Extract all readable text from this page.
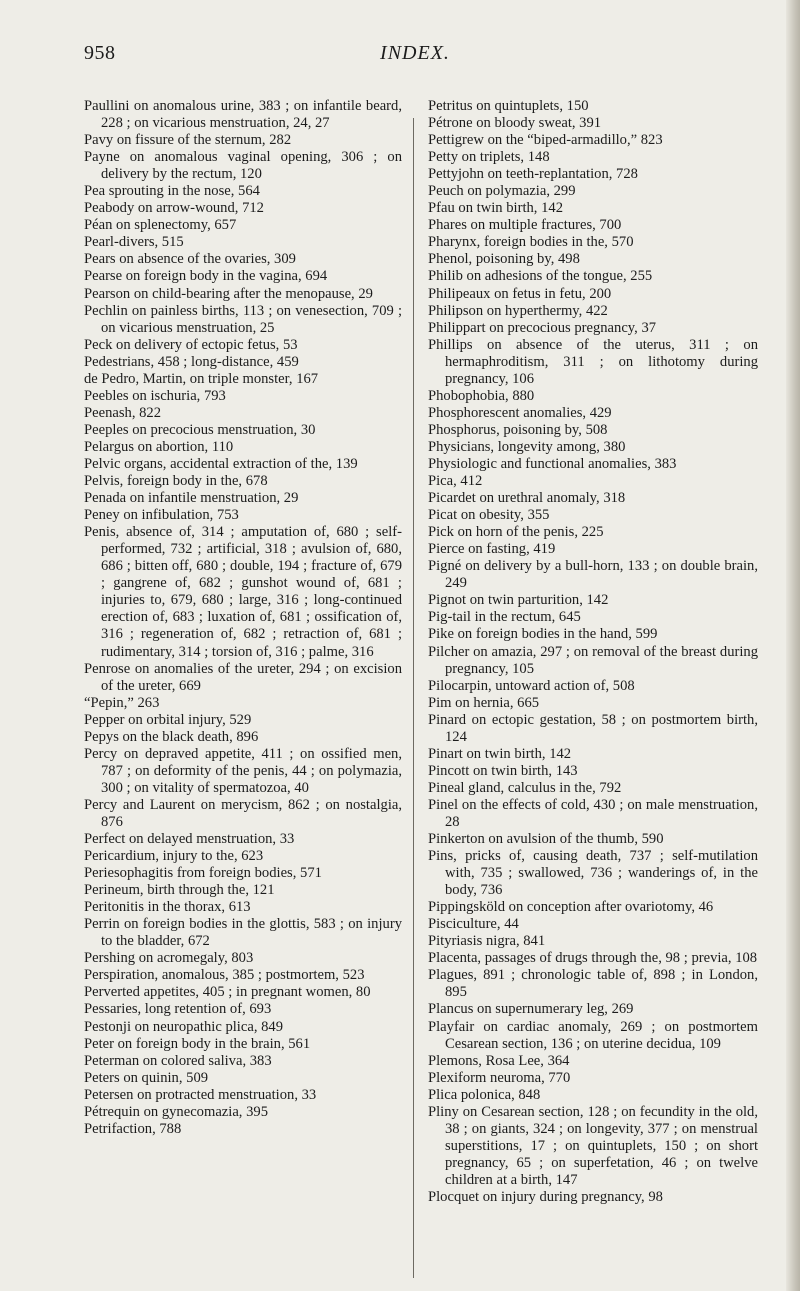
958	INDEX.
Paullini on anomalous urine, 383 ; on infantile beard, 228 ; on vicarious menstruation, 24, 27
Pavy on fissure of the sternum, 282
Payne on anomalous vaginal opening, 306 ; on delivery by the rectum, 120
Pea sprouting in the nose, 564
Peabody on arrow-wound, 712
Péan on splenectomy, 657
Pearl-divers, 515
Pears on absence of the ovaries, 309
Pearse on foreign body in the vagina, 694
Pearson on child-bearing after the menopause, 29
Pechlin on painless births, 113 ; on venesection, 709 ; on vicarious menstruation, 25
Peck on delivery of ectopic fetus, 53
Pedestrians, 458 ; long-distance, 459
de Pedro, Martin, on triple monster, 167
Peebles on ischuria, 793
Peenash, 822
Peeples on precocious menstruation, 30
Pelargus on abortion, 110
Pelvic organs, accidental extraction of the, 139
Pelvis, foreign body in the, 678
Penada on infantile menstruation, 29
Peney on infibulation, 753
Penis, absence of, 314 ; amputation of, 680 ; self-performed, 732 ; artificial, 318 ; avulsion of, 680, 686 ; bitten off, 680 ; double, 194 ; fracture of, 679 ; gangrene of, 682 ; gunshot wound of, 681 ; injuries to, 679, 680 ; large, 316 ; long-continued erection of, 683 ; luxation of, 681 ; ossification of, 316 ; regeneration of, 682 ; retraction of, 681 ; rudimentary, 314 ; torsion of, 316 ; palme, 316
Penrose on anomalies of the ureter, 294 ; on excision of the ureter, 669
“Pepin,” 263
Pepper on orbital injury, 529
Pepys on the black death, 896
Percy on depraved appetite, 411 ; on ossified men, 787 ; on deformity of the penis, 44 ; on polymazia, 300 ; on vitality of spermatozoa, 40
Percy and Laurent on merycism, 862 ; on nostalgia, 876
Perfect on delayed menstruation, 33
Pericardium, injury to the, 623
Periesophagitis from foreign bodies, 571
Perineum, birth through the, 121
Peritonitis in the thorax, 613
Perrin on foreign bodies in the glottis, 583 ; on injury to the bladder, 672
Pershing on acromegaly, 803
Perspiration, anomalous, 385 ; postmortem, 523
Perverted appetites, 405 ; in pregnant women, 80
Pessaries, long retention of, 693
Pestonji on neuropathic plica, 849
Peter on foreign body in the brain, 561
Peterman on colored saliva, 383
Peters on quinin, 509
Petersen on protracted menstruation, 33
Pétrequin on gynecomazia, 395
Petrifaction, 788
Petritus on quintuplets, 150
Pétrone on bloody sweat, 391
Pettigrew on the “biped-armadillo,” 823
Petty on triplets, 148
Pettyjohn on teeth-replantation, 728
Peuch on polymazia, 299
Pfau on twin birth, 142
Phares on multiple fractures, 700
Pharynx, foreign bodies in the, 570
Phenol, poisoning by, 498
Philib on adhesions of the tongue, 255
Philipeaux on fetus in fetu, 200
Philipson on hyperthermy, 422
Philippart on precocious pregnancy, 37
Phillips on absence of the uterus, 311 ; on hermaphroditism, 311 ; on lithotomy during pregnancy, 106
Phobophobia, 880
Phosphorescent anomalies, 429
Phosphorus, poisoning by, 508
Physicians, longevity among, 380
Physiologic and functional anomalies, 383
Pica, 412
Picardet on urethral anomaly, 318
Picat on obesity, 355
Pick on horn of the penis, 225
Pierce on fasting, 419
Pigné on delivery by a bull-horn, 133 ; on double brain, 249
Pignot on twin parturition, 142
Pig-tail in the rectum, 645
Pike on foreign bodies in the hand, 599
Pilcher on amazia, 297 ; on removal of the breast during pregnancy, 105
Pilocarpin, untoward action of, 508
Pim on hernia, 665
Pinard on ectopic gestation, 58 ; on postmortem birth, 124
Pinart on twin birth, 142
Pincott on twin birth, 143
Pineal gland, calculus in the, 792
Pinel on the effects of cold, 430 ; on male menstruation, 28
Pinkerton on avulsion of the thumb, 590
Pins, pricks of, causing death, 737 ; self-mutilation with, 735 ; swallowed, 736 ; wanderings of, in the body, 736
Pippingsköld on conception after ovariotomy, 46
Pisciculture, 44
Pityriasis nigra, 841
Placenta, passages of drugs through the, 98 ; previa, 108
Plagues, 891 ; chronologic table of, 898 ; in London, 895
Plancus on supernumerary leg, 269
Playfair on cardiac anomaly, 269 ; on postmortem Cesarean section, 136 ; on uterine decidua, 109
Plemons, Rosa Lee, 364
Plexiform neuroma, 770
Plica polonica, 848
Pliny on Cesarean section, 128 ; on fecundity in the old, 38 ; on giants, 324 ; on longevity, 377 ; on menstrual superstitions, 17 ; on quintuplets, 150 ; on short pregnancy, 65 ; on superfetation, 46 ; on twelve children at a birth, 147
Plocquet on injury during pregnancy, 98
